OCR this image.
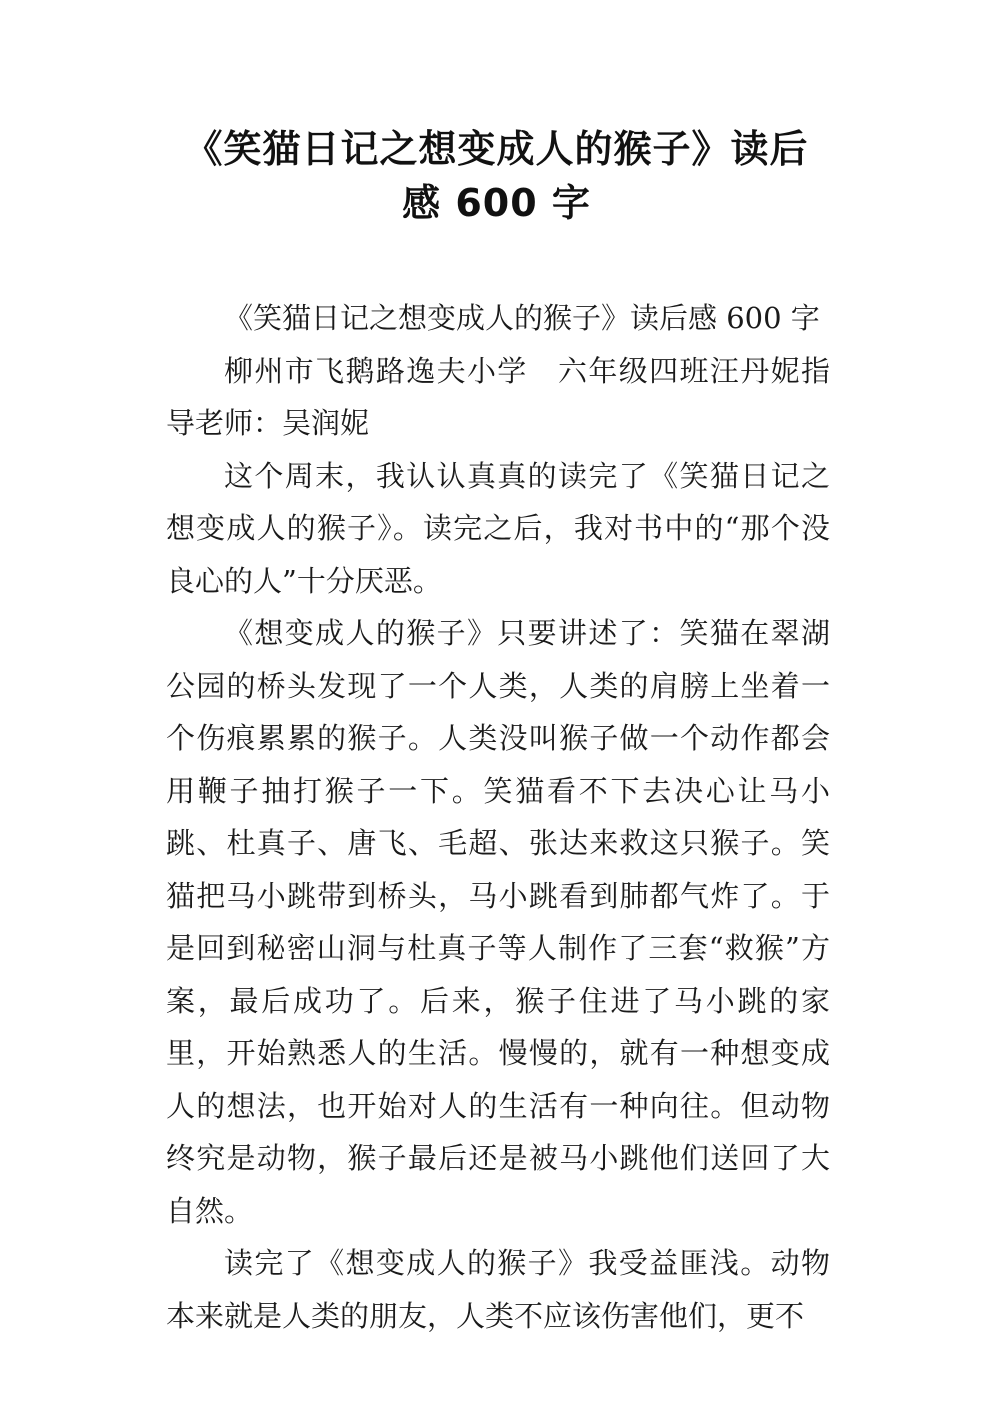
《笑猫日记之想变成人的猴子》读后
感 600 字

《笑猫日记之想变成人的猴子》读后感 600 字

柳州市飞鹅路逸夫小学　六年级四班汪丹妮指导老师：吴润妮

这个周末，我认认真真的读完了《笑猫日记之想变成人的猴子》。读完之后，我对书中的“那个没良心的人”十分厌恶。

《想变成人的猴子》只要讲述了：笑猫在翠湖公园的桥头发现了一个人类，人类的肩膀上坐着一个伤痕累累的猴子。人类没叫猴子做一个动作都会用鞭子抽打猴子一下。笑猫看不下去决心让马小跳、杜真子、唐飞、毛超、张达来救这只猴子。笑猫把马小跳带到桥头，马小跳看到肺都气炸了。于是回到秘密山洞与杜真子等人制作了三套“救猴”方案，最后成功了。后来，猴子住进了马小跳的家里，开始熟悉人的生活。慢慢的，就有一种想变成人的想法，也开始对人的生活有一种向往。但动物终究是动物，猴子最后还是被马小跳他们送回了大自然。

读完了《想变成人的猴子》我受益匪浅。动物本来就是人类的朋友，人类不应该伤害他们，更不
